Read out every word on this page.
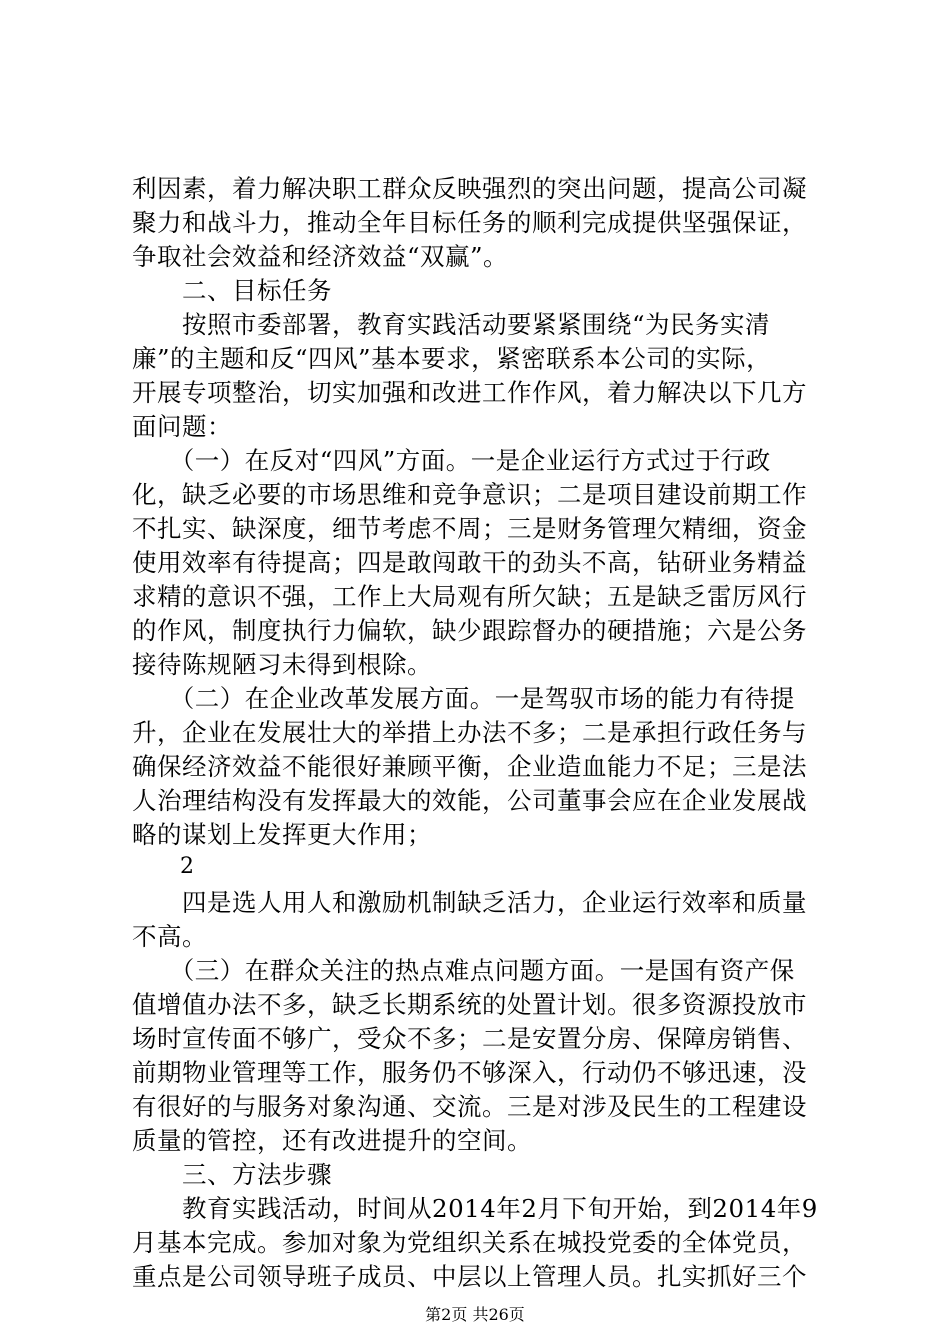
利因素，着力解决职工群众反映强烈的突出问题，提高公司凝
聚力和战斗力，推动全年目标任务的顺利完成提供坚强保证，
争取社会效益和经济效益“双赢”。
　　二、目标任务
　　按照市委部署，教育实践活动要紧紧围绕“为民务实清
廉”的主题和反“四风”基本要求，紧密联系本公司的实际，
开展专项整治，切实加强和改进工作作风，着力解决以下几方
面问题：
　　（一）在反对“四风”方面。一是企业运行方式过于行政
化，缺乏必要的市场思维和竞争意识；二是项目建设前期工作
不扎实、缺深度，细节考虑不周；三是财务管理欠精细，资金
使用效率有待提高；四是敢闯敢干的劲头不高，钻研业务精益
求精的意识不强，工作上大局观有所欠缺；五是缺乏雷厉风行
的作风，制度执行力偏软，缺少跟踪督办的硬措施；六是公务
接待陈规陋习未得到根除。
　　（二）在企业改革发展方面。一是驾驭市场的能力有待提
升，企业在发展壮大的举措上办法不多；二是承担行政任务与
确保经济效益不能很好兼顾平衡，企业造血能力不足；三是法
人治理结构没有发挥最大的效能，公司董事会应在企业发展战
略的谋划上发挥更大作用；
2
　　四是选人用人和激励机制缺乏活力，企业运行效率和质量
不高。
　　（三）在群众关注的热点难点问题方面。一是国有资产保
值增值办法不多，缺乏长期系统的处置计划。很多资源投放市
场时宣传面不够广，受众不多；二是安置分房、保障房销售、
前期物业管理等工作，服务仍不够深入，行动仍不够迅速，没
有很好的与服务对象沟通、交流。三是对涉及民生的工程建设
质量的管控，还有改进提升的空间。
　　三、方法步骤
　　教育实践活动，时间从2014年2月下旬开始，到2014年9
月基本完成。参加对象为党组织关系在城投党委的全体党员，
重点是公司领导班子成员、中层以上管理人员。扎实抓好三个
第2页 共26页
